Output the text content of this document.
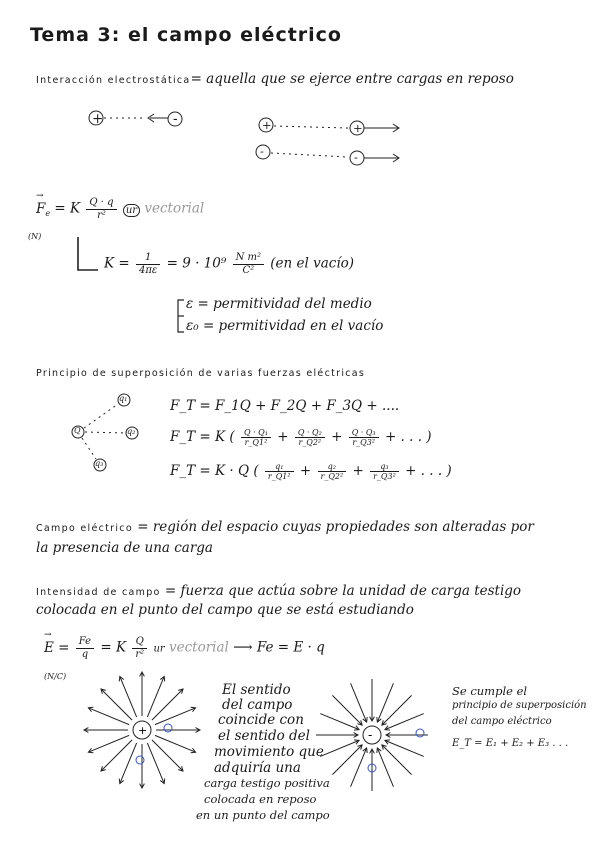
Tema 3: el campo eléctrico
Interacción electrostática= aquella que se ejerce entre cargas en reposo
+	-	+	+
-	-
→ $F_e = K \frac{Q \cdot q}{\text{r²}}$ ur vectorial
(N)
$K = \frac{1}{4\pi\varepsilon} = 9 \cdot 10^9 \frac{\text{N m²}}{\text{C²}} (en$ el vacío)
ε = permitividad del medio
ε₀ = permitividad en el vacío
Principio de superposición de varias fuerzas eléctricas
Q
q₁
q₂
q₃
F_T = F_1Q + F_2Q + F_3Q + ....
F_T = K ( $\frac{\text{Q · Q₁}}{\text{r\_Q1²}} + \frac{\text{Q · Q₂}}{\text{r\_Q2²}} + \frac{\text{Q · Q₃}}{\text{r\_Q3²}}$ + . . . )
F_T = K · Q ( $\frac{\text{q₁}}{\text{r\_Q1²}} + \frac{\text{q₂}}{\text{r\_Q2²}} + \frac{\text{q₃}}{\text{r\_Q3²}}$ + . . . )
Campo eléctrico = región del espacio cuyas propiedades son alteradas por
la presencia de una carga
Intensidad de campo = fuerza que actúa sobre la unidad de carga testigo
colocada en el punto del campo que se está estudiando
→ $E = \frac{Fe}{q} = K \frac{Q}{\text{r²}}$ ur vectorial ⟶ Fe = E · q
(N/C)
+	-
El sentido
del campo
coincide con
el sentido del
movimiento que
adquiría una
carga testigo positiva
colocada en reposo
en un punto del campo
Se cumple el
principio de superposición
del campo eléctrico
E_T = E₁ + E₂ + E₃ . . .
